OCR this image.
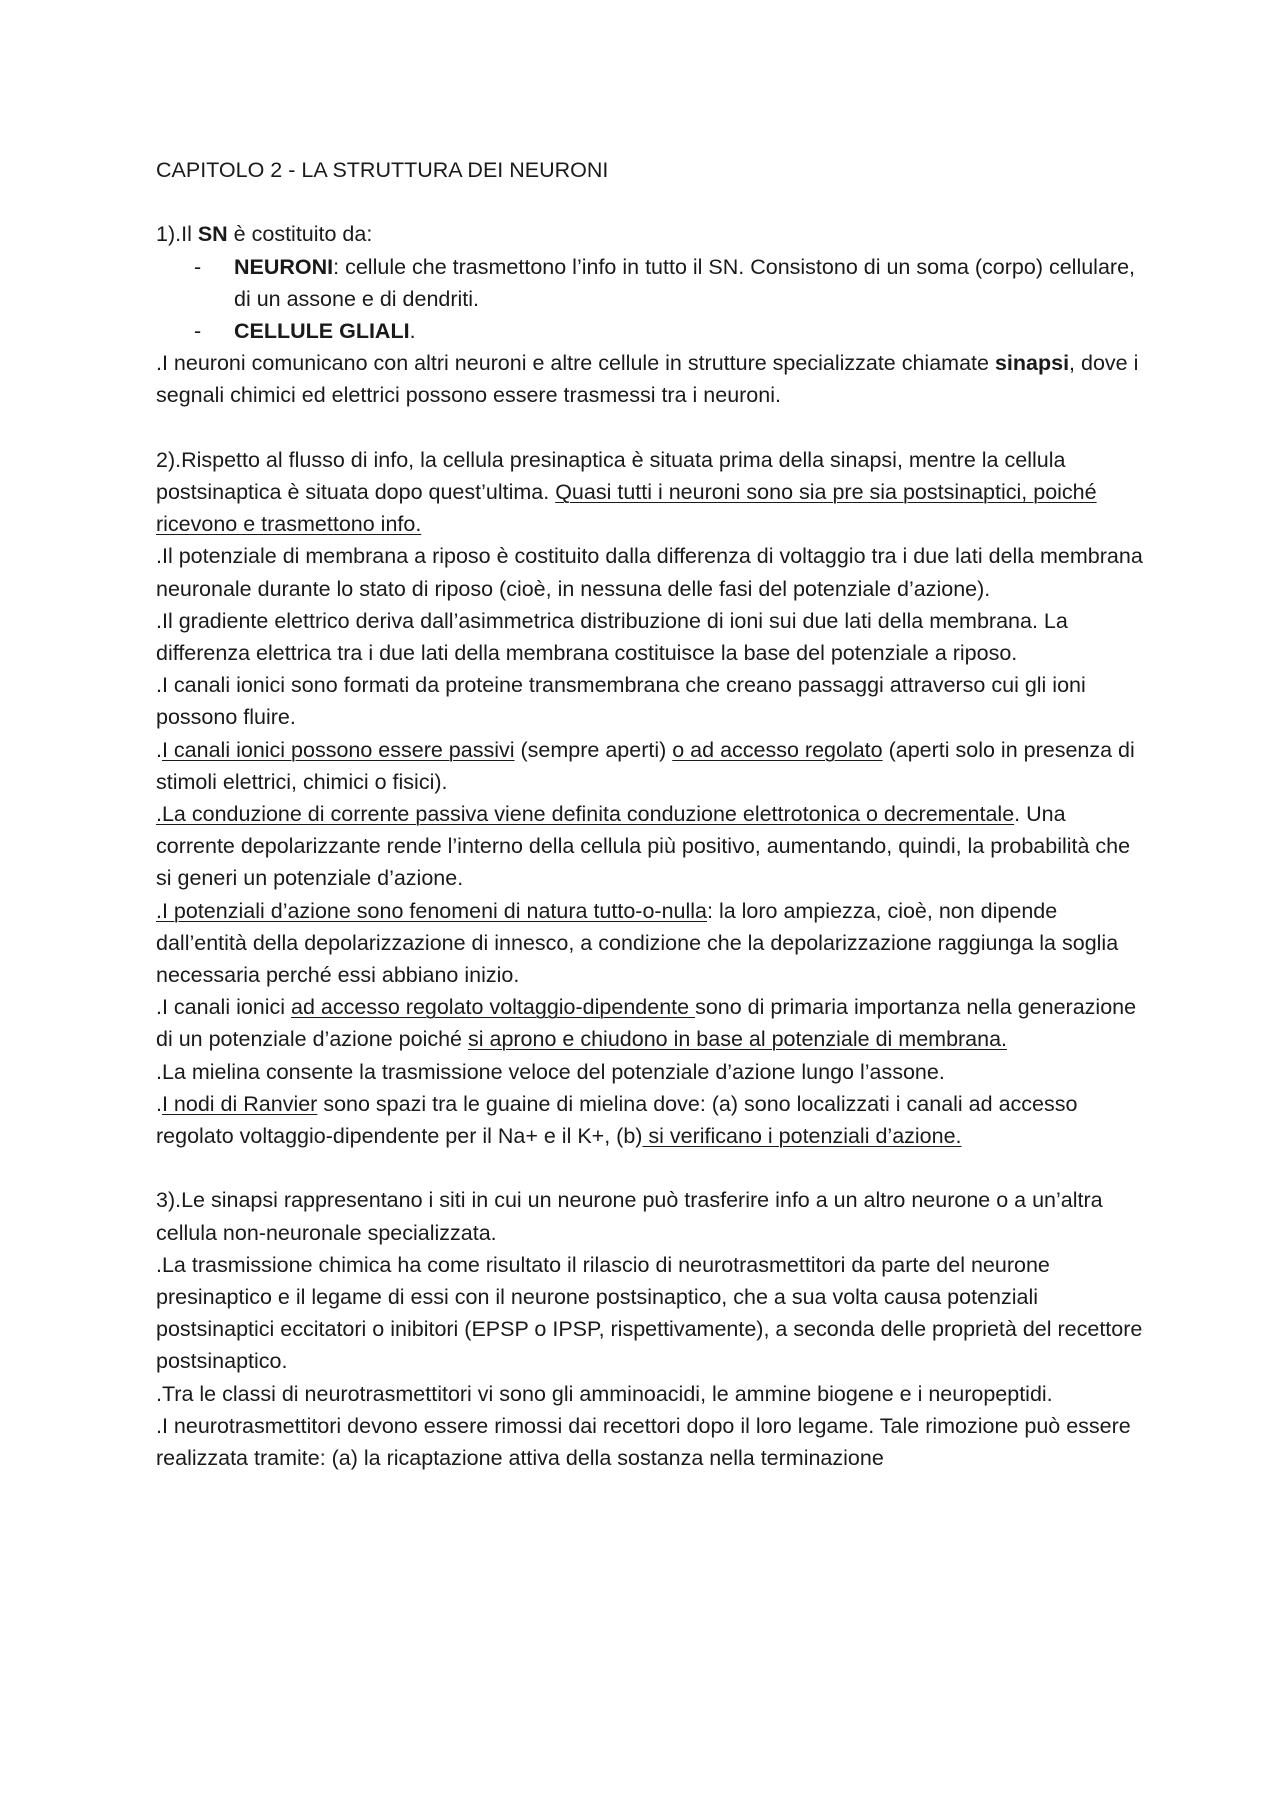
CAPITOLO 2 - LA STRUTTURA DEI NEURONI

1).Il SN è costituito da:

- NEURONI: cellule che trasmettono l’info in tutto il SN. Consistono di un soma (corpo) cellulare, di un assone e di dendriti.

- CELLULE GLIALI.

.I neuroni comunicano con altri neuroni e altre cellule in strutture specializzate chiamate sinapsi, dove i segnali chimici ed elettrici possono essere trasmessi tra i neuroni.

2).Rispetto al flusso di info, la cellula presinaptica è situata prima della sinapsi, mentre la cellula postsinaptica è situata dopo quest’ultima. Quasi tutti i neuroni sono sia pre sia postsinaptici, poiché ricevono e trasmettono info.

.Il potenziale di membrana a riposo è costituito dalla differenza di voltaggio tra i due lati della membrana neuronale durante lo stato di riposo (cioè, in nessuna delle fasi del potenziale d’azione).

.Il gradiente elettrico deriva dall’asimmetrica distribuzione di ioni sui due lati della membrana. La differenza elettrica tra i due lati della membrana costituisce la base del potenziale a riposo.

.I canali ionici sono formati da proteine transmembrana che creano passaggi attraverso cui gli ioni possono fluire.

.I canali ionici possono essere passivi (sempre aperti) o ad accesso regolato (aperti solo in presenza di stimoli elettrici, chimici o fisici).

.La conduzione di corrente passiva viene definita conduzione elettrotonica o decrementale. Una corrente depolarizzante rende l’interno della cellula più positivo, aumentando, quindi, la probabilità che si generi un potenziale d’azione.

.I potenziali d’azione sono fenomeni di natura tutto-o-nulla: la loro ampiezza, cioè, non dipende dall’entità della depolarizzazione di innesco, a condizione che la depolarizzazione raggiunga la soglia necessaria perché essi abbiano inizio.

.I canali ionici ad accesso regolato voltaggio-dipendente sono di primaria importanza nella generazione di un potenziale d’azione poiché si aprono e chiudono in base al potenziale di membrana.

.La mielina consente la trasmissione veloce del potenziale d’azione lungo l’assone.

.I nodi di Ranvier sono spazi tra le guaine di mielina dove: (a) sono localizzati i canali ad accesso regolato voltaggio-dipendente per il Na+ e il K+, (b) si verificano i potenziali d’azione.

3).Le sinapsi rappresentano i siti in cui un neurone può trasferire info a un altro neurone o a un’altra cellula non-neuronale specializzata.

.La trasmissione chimica ha come risultato il rilascio di neurotrasmettitori da parte del neurone presinaptico e il legame di essi con il neurone postsinaptico, che a sua volta causa potenziali postsinaptici eccitatori o inibitori (EPSP o IPSP, rispettivamente), a seconda delle proprietà del recettore postsinaptico.

.Tra le classi di neurotrasmettitori vi sono gli amminoacidi, le ammine biogene e i neuropeptidi.

.I neurotrasmettitori devono essere rimossi dai recettori dopo il loro legame. Tale rimozione può essere realizzata tramite: (a) la ricaptazione attiva della sostanza nella terminazione
